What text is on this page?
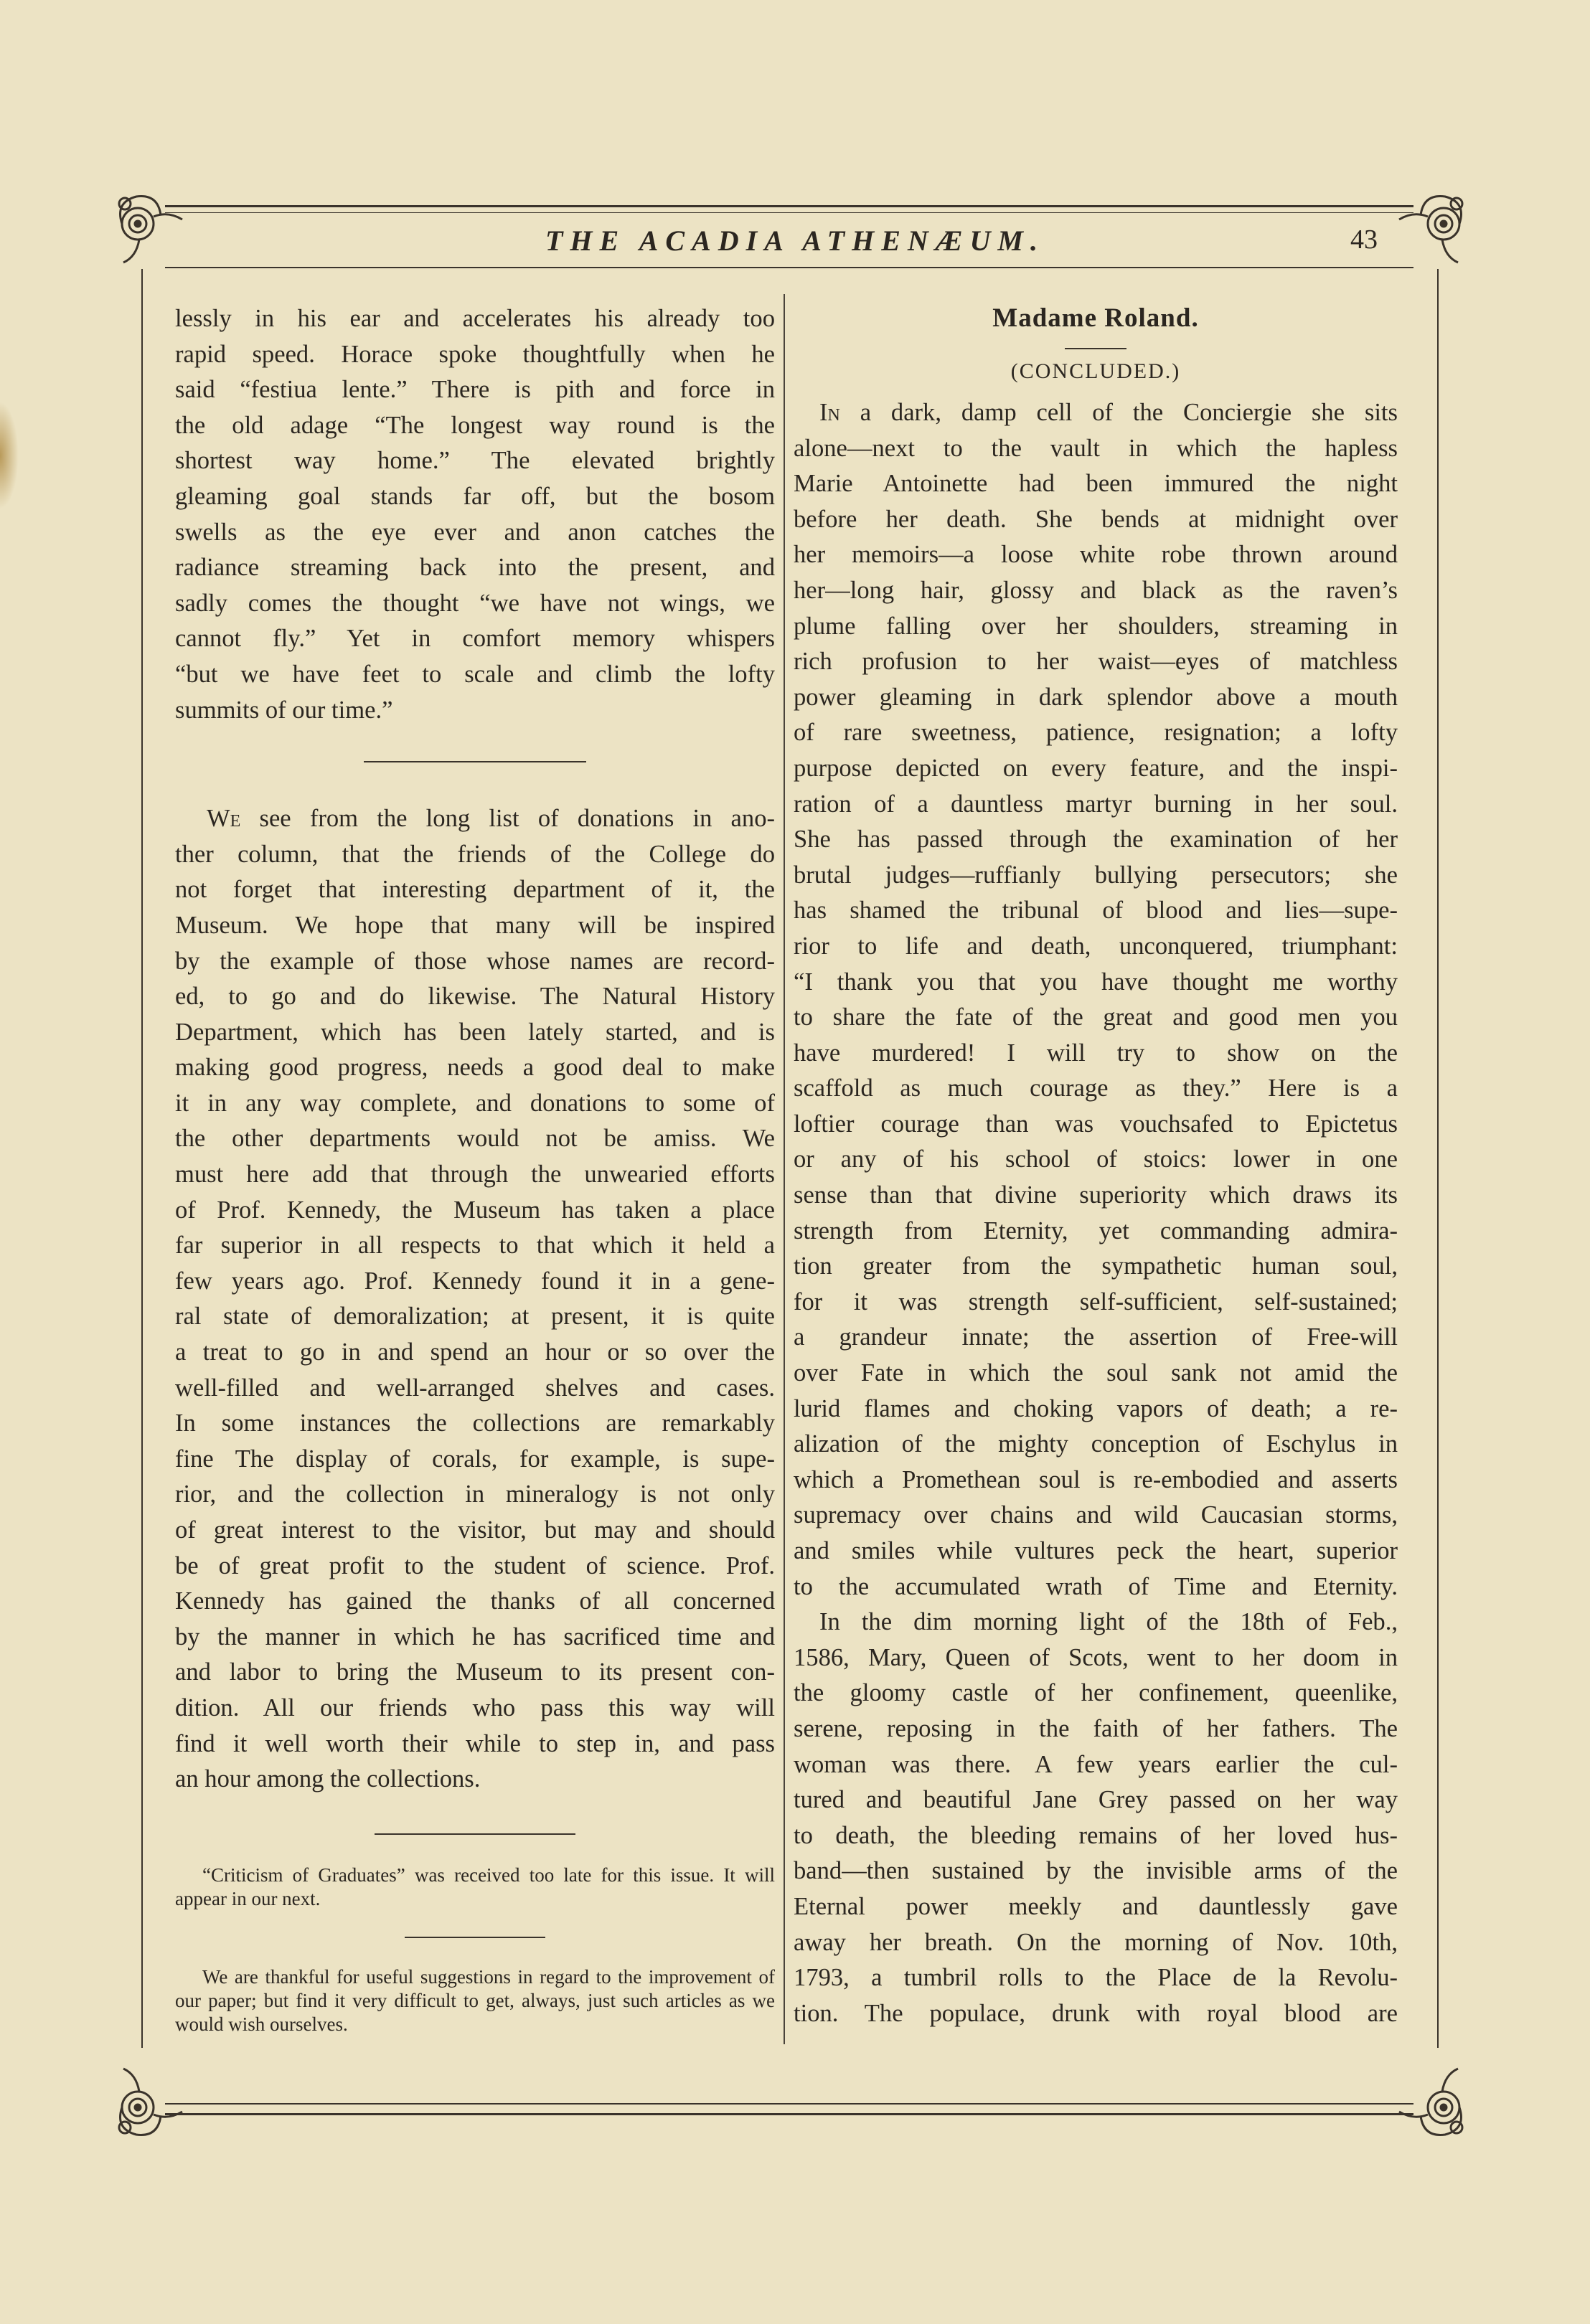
THE ACADIA ATHENÆUM.	43

lessly in his ear and accelerates his already too
rapid speed. Horace spoke thoughtfully when he
said “festiua lente.” There is pith and force in
the old adage “The longest way round is the
shortest way home.” The elevated brightly
gleaming goal stands far off, but the bosom
swells as the eye ever and anon catches the
radiance streaming back into the present, and
sadly comes the thought “we have not wings, we
cannot fly.” Yet in comfort memory whispers
“but we have feet to scale and climb the lofty
summits of our time.”

We see from the long list of donations in ano-
ther column, that the friends of the College do
not forget that interesting department of it, the
Museum. We hope that many will be inspired
by the example of those whose names are record-
ed, to go and do likewise. The Natural History
Department, which has been lately started, and is
making good progress, needs a good deal to make
it in any way complete, and donations to some of
the other departments would not be amiss. We
must here add that through the unwearied efforts
of Prof. Kennedy, the Museum has taken a place
far superior in all respects to that which it held a
few years ago. Prof. Kennedy found it in a gene-
ral state of demoralization; at present, it is quite
a treat to go in and spend an hour or so over the
well-filled and well-arranged shelves and cases.
In some instances the collections are remarkably
fine The display of corals, for example, is supe-
rior, and the collection in mineralogy is not only
of great interest to the visitor, but may and should
be of great profit to the student of science. Prof.
Kennedy has gained the thanks of all concerned
by the manner in which he has sacrificed time and
and labor to bring the Museum to its present con-
dition. All our friends who pass this way will
find it well worth their while to step in, and pass
an hour among the collections.

“Criticism of Graduates” was received too late for this issue. It will appear in our next.

We are thankful for useful suggestions in regard to the improvement of our paper; but find it very difficult to get, always, just such articles as we would wish ourselves.

Madame Roland.
(CONCLUDED.)

In a dark, damp cell of the Conciergie she sits
alone—next to the vault in which the hapless
Marie Antoinette had been immured the night
before her death. She bends at midnight over
her memoirs—a loose white robe thrown around
her—long hair, glossy and black as the raven’s
plume falling over her shoulders, streaming in
rich profusion to her waist—eyes of matchless
power gleaming in dark splendor above a mouth
of rare sweetness, patience, resignation; a lofty
purpose depicted on every feature, and the inspi-
ration of a dauntless martyr burning in her soul.
She has passed through the examination of her
brutal judges—ruffianly bullying persecutors; she
has shamed the tribunal of blood and lies—supe-
rior to life and death, unconquered, triumphant:
“I thank you that you have thought me worthy
to share the fate of the great and good men you
have murdered! I will try to show on the
scaffold as much courage as they.” Here is a
loftier courage than was vouchsafed to Epictetus
or any of his school of stoics: lower in one
sense than that divine superiority which draws its
strength from Eternity, yet commanding admira-
tion greater from the sympathetic human soul,
for it was strength self-sufficient, self-sustained;
a grandeur innate; the assertion of Free-will
over Fate in which the soul sank not amid the
lurid flames and choking vapors of death; a re-
alization of the mighty conception of Eschylus in
which a Promethean soul is re-embodied and asserts
supremacy over chains and wild Caucasian storms,
and smiles while vultures peck the heart, superior
to the accumulated wrath of Time and Eternity.

In the dim morning light of the 18th of Feb.,
1586, Mary, Queen of Scots, went to her doom in
the gloomy castle of her confinement, queenlike,
serene, reposing in the faith of her fathers. The
woman was there. A few years earlier the cul-
tured and beautiful Jane Grey passed on her way
to death, the bleeding remains of her loved hus-
band—then sustained by the invisible arms of the
Eternal power meekly and dauntlessly gave
away her breath. On the morning of Nov. 10th,
1793, a tumbril rolls to the Place de la Revolu-
tion. The populace, drunk with royal blood are
